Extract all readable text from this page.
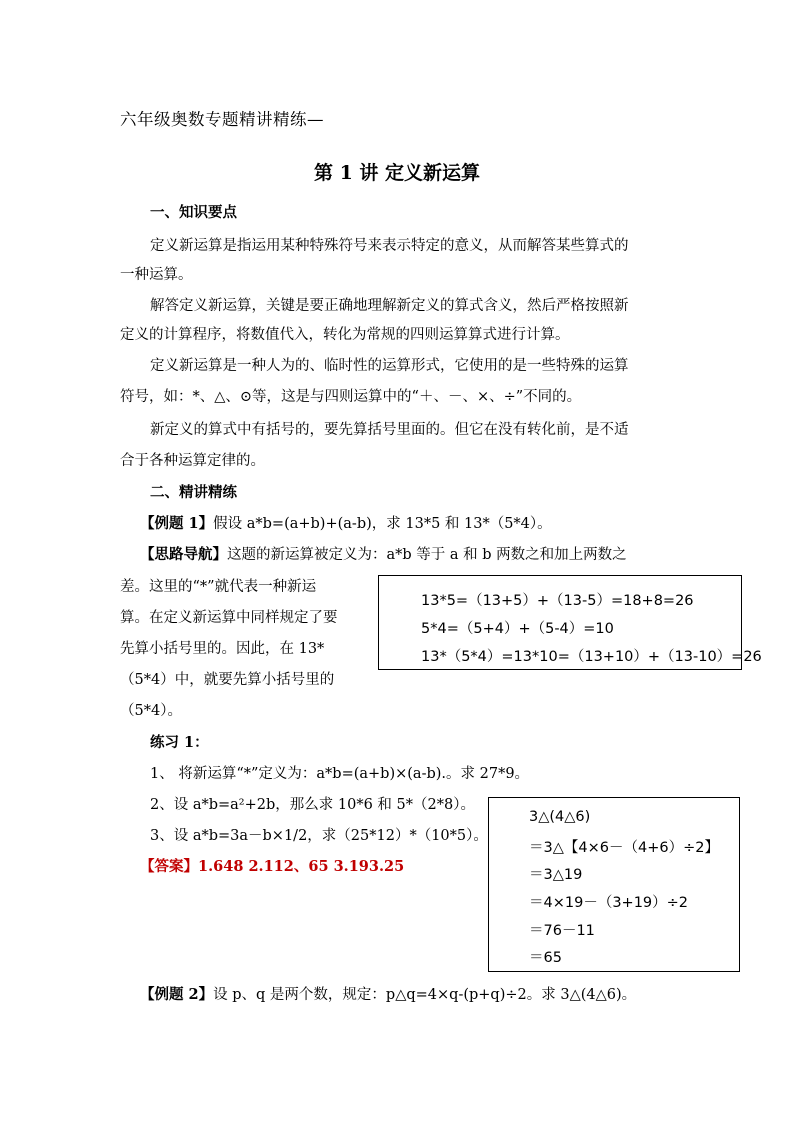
六年级奥数专题精讲精练—
第 1 讲 定义新运算
一、知识要点
定义新运算是指运用某种特殊符号来表示特定的意义，从而解答某些算式的
一种运算。
解答定义新运算，关键是要正确地理解新定义的算式含义，然后严格按照新
定义的计算程序，将数值代入，转化为常规的四则运算算式进行计算。
定义新运算是一种人为的、临时性的运算形式，它使用的是一些特殊的运算
符号，如：*、△、⊙等，这是与四则运算中的“＋、－、×、÷”不同的。
新定义的算式中有括号的，要先算括号里面的。但它在没有转化前，是不适
合于各种运算定律的。
二、精讲精练
【例题 1】假设 a*b=(a+b)+(a-b)，求 13*5 和 13*（5*4）。
【思路导航】这题的新运算被定义为：a*b 等于 a 和 b 两数之和加上两数之
差。这里的“*”就代表一种新运
算。在定义新运算中同样规定了要
先算小括号里的。因此，在 13*
（5*4）中，就要先算小括号里的
（5*4）。
13*5=（13+5）+（13-5）=18+8=26
5*4=（5+4）+（5-4）=10
13*（5*4）=13*10=（13+10）+（13-10）=26
练习 1：
1、 将新运算“*”定义为：a*b=(a+b)×(a-b).。求 27*9。
2、设 a*b=a²+2b，那么求 10*6 和 5*（2*8）。
3、设 a*b=3a－b×1/2，求（25*12）*（10*5）。
【答案】1.648 2.112、65 3.193.25
3△(4△6)
＝3△【4×6－（4+6）÷2】
＝3△19
＝4×19－（3+19）÷2
＝76－11
＝65
【例题 2】设 p、q 是两个数，规定：p△q=4×q-(p+q)÷2。求 3△(4△6)。
